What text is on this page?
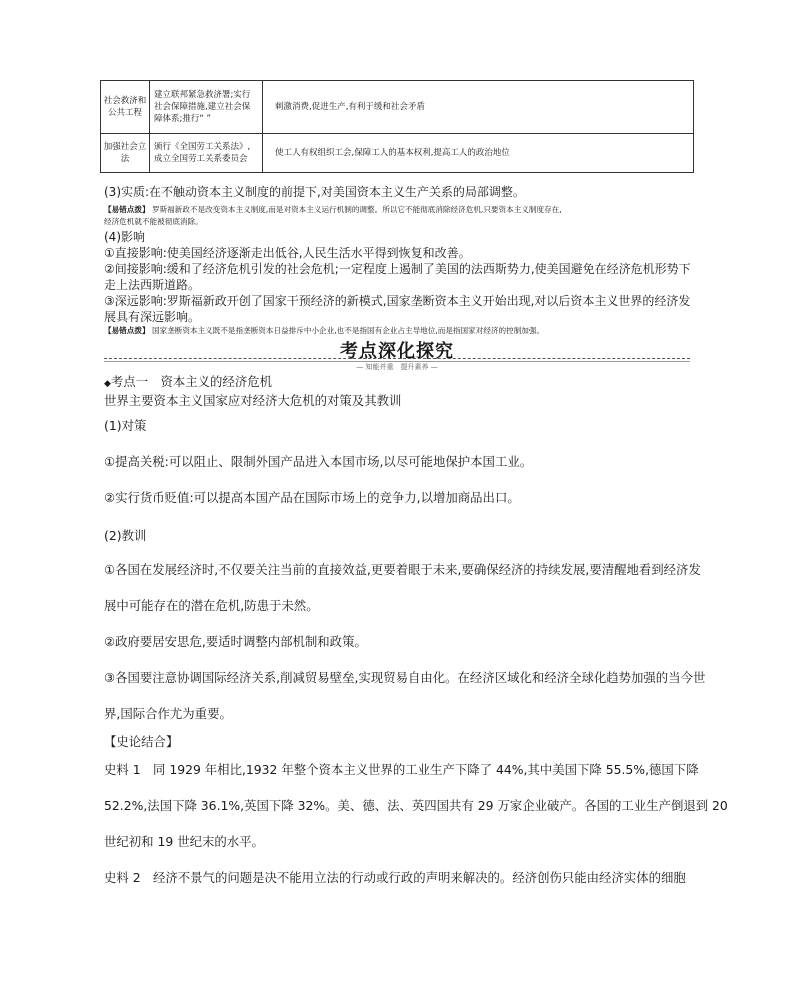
社会救济和公共工程	建立联邦紧急救济署;实行社会保障措施,建立社会保障体系;推行“ ”	刺激消费,促进生产,有利于缓和社会矛盾
加强社会立法	颁行《全国劳工关系法》,成立全国劳工关系委员会	使工人有权组织工会,保障工人的基本权利,提高工人的政治地位
(3)实质:在不触动资本主义制度的前提下,对美国资本主义生产关系的局部调整。
【易错点拨】 罗斯福新政不是改变资本主义制度,而是对资本主义运行机制的调整。所以它不能彻底消除经济危机,只要资本主义制度存在,
经济危机就不能被彻底消除。
(4)影响
①直接影响:使美国经济逐渐走出低谷,人民生活水平得到恢复和改善。
②间接影响:缓和了经济危机引发的社会危机;一定程度上遏制了美国的法西斯势力,使美国避免在经济危机形势下
走上法西斯道路。
③深远影响:罗斯福新政开创了国家干预经济的新模式,国家垄断资本主义开始出现,对以后资本主义世界的经济发
展具有深远影响。
【易错点拨】 国家垄断资本主义既不是指垄断资本日益排斥中小企业,也不是指国有企业占主导地位,而是指国家对经济的控制加强。
考点深化探究
— 知能并重　提升素养 —
◆考点一　资本主义的经济危机
世界主要资本主义国家应对经济大危机的对策及其教训
(1)对策
①提高关税:可以阻止、限制外国产品进入本国市场,以尽可能地保护本国工业。
②实行货币贬值:可以提高本国产品在国际市场上的竞争力,以增加商品出口。
(2)教训
①各国在发展经济时,不仅要关注当前的直接效益,更要着眼于未来,要确保经济的持续发展,要清醒地看到经济发
展中可能存在的潜在危机,防患于未然。
②政府要居安思危,要适时调整内部机制和政策。
③各国要注意协调国际经济关系,削减贸易壁垒,实现贸易自由化。在经济区域化和经济全球化趋势加强的当今世
界,国际合作尤为重要。
【史论结合】
史料 1　同 1929 年相比,1932 年整个资本主义世界的工业生产下降了 44%,其中美国下降 55.5%,德国下降
52.2%,法国下降 36.1%,英国下降 32%。美、德、法、英四国共有 29 万家企业破产。各国的工业生产倒退到 20
世纪初和 19 世纪末的水平。
史料 2　经济不景气的问题是决不能用立法的行动或行政的声明来解决的。经济创伤只能由经济实体的细胞
